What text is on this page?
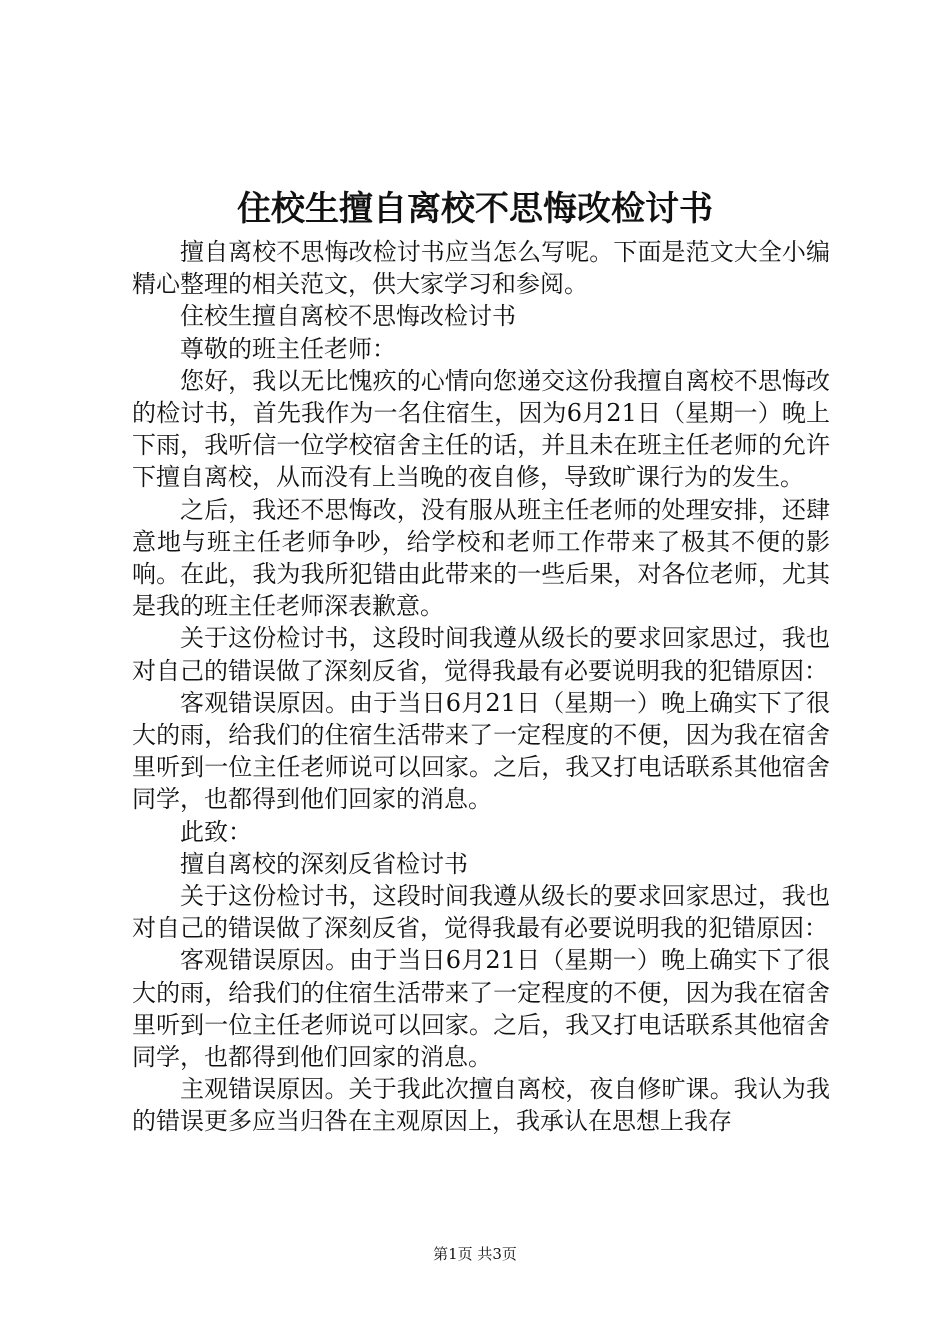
住校生擅自离校不思悔改检讨书

擅自离校不思悔改检讨书应当怎么写呢。下面是范文大全小编精心整理的相关范文，供大家学习和参阅。

住校生擅自离校不思悔改检讨书

尊敬的班主任老师：

您好，我以无比愧疚的心情向您递交这份我擅自离校不思悔改的检讨书，首先我作为一名住宿生，因为6月21日（星期一）晚上下雨，我听信一位学校宿舍主任的话，并且未在班主任老师的允许下擅自离校，从而没有上当晚的夜自修，导致旷课行为的发生。

之后，我还不思悔改，没有服从班主任老师的处理安排，还肆意地与班主任老师争吵，给学校和老师工作带来了极其不便的影响。在此，我为我所犯错由此带来的一些后果，对各位老师，尤其是我的班主任老师深表歉意。

关于这份检讨书，这段时间我遵从级长的要求回家思过，我也对自己的错误做了深刻反省，觉得我最有必要说明我的犯错原因：

客观错误原因。由于当日6月21日（星期一）晚上确实下了很大的雨，给我们的住宿生活带来了一定程度的不便，因为我在宿舍里听到一位主任老师说可以回家。之后，我又打电话联系其他宿舍同学，也都得到他们回家的消息。

此致：

擅自离校的深刻反省检讨书

关于这份检讨书，这段时间我遵从级长的要求回家思过，我也对自己的错误做了深刻反省，觉得我最有必要说明我的犯错原因：

客观错误原因。由于当日6月21日（星期一）晚上确实下了很大的雨，给我们的住宿生活带来了一定程度的不便，因为我在宿舍里听到一位主任老师说可以回家。之后，我又打电话联系其他宿舍同学，也都得到他们回家的消息。

主观错误原因。关于我此次擅自离校，夜自修旷课。我认为我的错误更多应当归咎在主观原因上，我承认在思想上我存

第1页 共3页
